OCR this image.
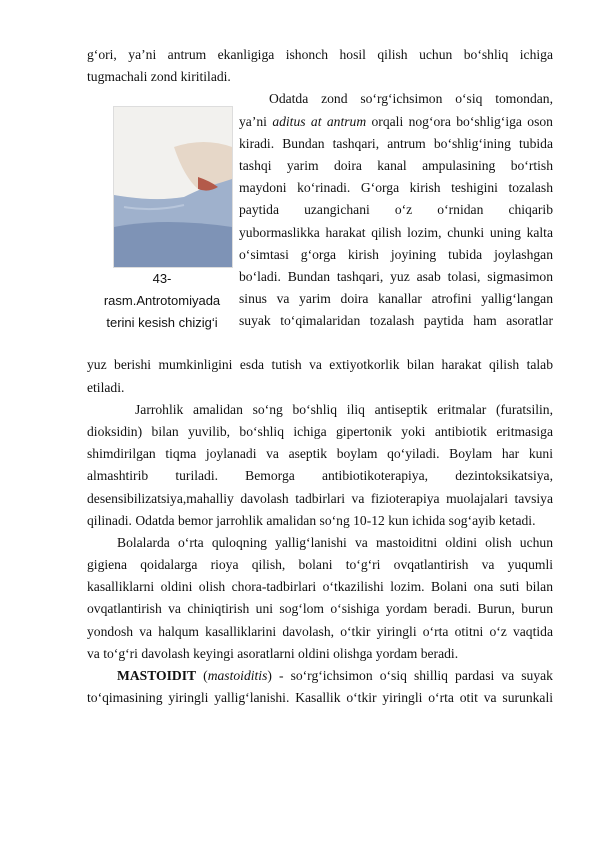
g‘ori, ya’ni antrum ekanligiga ishonch hosil qilish uchun bo‘shliq ichiga
tugmachali zond kiritiladi.
43-
rasm.Antrotomiyada
terini kesish chizig‘i
Odatda zond so‘rg‘ichsimon o‘siq tomondan,
ya’ni aditus at antrum orqali nog‘ora bo‘shlig‘iga oson
kiradi. Bundan tashqari, antrum bo‘shlig‘ining tubida
tashqi yarim doira kanal ampulasining bo‘rtish
maydoni ko‘rinadi. G‘orga kirish teshigini tozalash
paytida uzangichani o‘z o‘rnidan chiqarib
yubormaslikka harakat qilish lozim, chunki uning kalta
o‘simtasi g‘orga kirish joyining tubida joylashgan
bo‘ladi. Bundan tashqari, yuz asab tolasi, sigmasimon
sinus va yarim doira kanallar atrofini yallig‘langan
suyak to‘qimalaridan tozalash paytida ham asoratlar
yuz berishi mumkinligini esda tutish va extiyotkorlik bilan harakat qilish talab
etiladi.
Jarrohlik amalidan so‘ng bo‘shliq iliq antiseptik eritmalar (furatsilin,
dioksidin) bilan yuvilib, bo‘shliq ichiga gipertonik yoki antibiotik eritmasiga
shimdirilgan tiqma joylanadi va aseptik boylam qo‘yiladi. Boylam har kuni
almashtirib turiladi. Bemorga antibiotikoterapiya, dezintoksikatsiya,
desensibilizatsiya,mahalliy davolash tadbirlari va fizioterapiya muolajalari tavsiya
qilinadi. Odatda bemor jarrohlik amalidan so‘ng 10-12 kun ichida sog‘ayib ketadi.
Bolalarda o‘rta quloqning yallig‘lanishi va mastoiditni oldini olish uchun
gigiena qoidalarga rioya qilish, bolani to‘g‘ri ovqatlantirish va yuqumli
kasalliklarni oldini olish chora-tadbirlari o‘tkazilishi lozim. Bolani ona suti bilan
ovqatlantirish va chiniqtirish uni sog‘lom o‘sishiga yordam beradi. Burun, burun
yondosh va halqum kasalliklarini davolash, o‘tkir yiringli o‘rta otitni o‘z vaqtida
va to‘g‘ri davolash keyingi asoratlarni oldini olishga yordam beradi.
MASTOIDIT (mastoiditis) - so‘rg‘ichsimon o‘siq shilliq pardasi va suyak
to‘qimasining yiringli yallig‘lanishi. Kasallik o‘tkir yiringli o‘rta otit va surunkali
